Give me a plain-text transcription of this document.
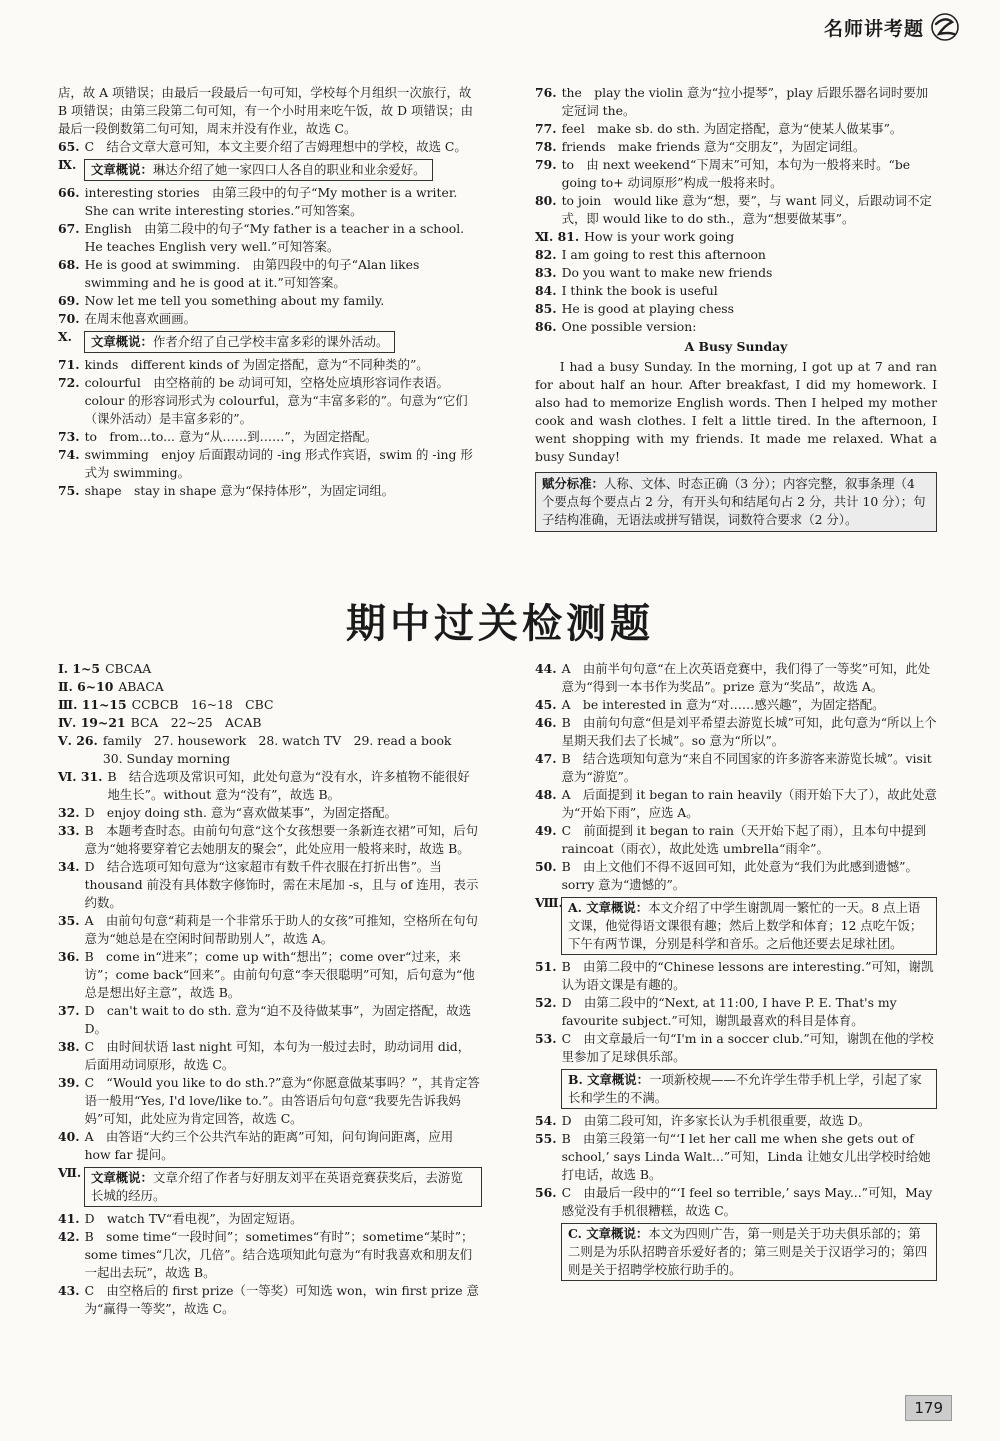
名师讲考题

店，故 A 项错误；由最后一段最后一句可知，学校每个月组织一次旅行，故 B 项错误；由第三段第二句可知，有一个小时用来吃午饭，故 D 项错误；由最后一段倒数第二句可知，周末并没有作业，故选 C。

65. C　结合文章大意可知，本文主要介绍了吉姆理想中的学校，故选 C。
Ⅸ.	文章概说：琳达介绍了她一家四口人各自的职业和业余爱好。
66. interesting stories　由第三段中的句子“My mother is a writer. She can write interesting stories.”可知答案。
67. English　由第二段中的句子“My father is a teacher in a school. He teaches English very well.”可知答案。
68. He is good at swimming.　由第四段中的句子“Alan likes swimming and he is good at it.”可知答案。
69. Now let me tell you something about my family.
70. 在周末他喜欢画画。
Ⅹ.	文章概说：作者介绍了自己学校丰富多彩的课外活动。
71. kinds　different kinds of 为固定搭配，意为“不同种类的”。
72. colourful　由空格前的 be 动词可知，空格处应填形容词作表语。colour 的形容词形式为 colourful，意为“丰富多彩的”。句意为“它们（课外活动）是丰富多彩的”。
73. to　from...to... 意为“从……到……”，为固定搭配。
74. swimming　enjoy 后面跟动词的 -ing 形式作宾语，swim 的 -ing 形式为 swimming。
75. shape　stay in shape 意为“保持体形”，为固定词组。
76. the　play the violin 意为“拉小提琴”，play 后跟乐器名词时要加定冠词 the。
77. feel　make sb. do sth. 为固定搭配，意为“使某人做某事”。
78. friends　make friends 意为“交朋友”，为固定词组。
79. to　由 next weekend“下周末”可知，本句为一般将来时。“be going to+ 动词原形”构成一般将来时。
80. to join　would like 意为“想，要”，与 want 同义，后跟动词不定式，即 would like to do sth.，意为“想要做某事”。
Ⅺ. 81. How is your work going
82. I am going to rest this afternoon
83. Do you want to make new friends
84. I think the book is useful
85. He is good at playing chess
86. One possible version:
A Busy Sunday

I had a busy Sunday. In the morning, I got up at 7 and ran for about half an hour. After breakfast, I did my homework. I also had to memorize English words. Then I helped my mother cook and wash clothes. I felt a little tired. In the afternoon, I went shopping with my friends. It made me relaxed. What a busy Sunday!

赋分标准：人称、文体、时态正确（3 分）；内容完整，叙事条理（4 个要点每个要点占 2 分，有开头句和结尾句占 2 分，共计 10 分）；句子结构准确，无语法或拼写错误，词数符合要求（2 分）。
期中过关检测题
Ⅰ. 1~5 CBCAA
Ⅱ. 6~10 ABACA
Ⅲ. 11~15 CCBCB　16~18　CBC
Ⅳ. 19~21 BCA　22~25　ACAB
Ⅴ. 26. family　27. housework　28. watch TV　29. read a book　30. Sunday morning
Ⅵ. 31. B　结合选项及常识可知，此处句意为“没有水，许多植物不能很好地生长”。without 意为“没有”，故选 B。
32. D　enjoy doing sth. 意为“喜欢做某事”，为固定搭配。
33. B　本题考查时态。由前句句意“这个女孩想要一条新连衣裙”可知，后句意为“她将要穿着它去她朋友的聚会”，此处应用一般将来时，故选 B。
34. D　结合选项可知句意为“这家超市有数千件衣服在打折出售”。当 thousand 前没有具体数字修饰时，需在末尾加 -s，且与 of 连用，表示约数。
35. A　由前句句意“莉莉是一个非常乐于助人的女孩”可推知，空格所在句句意为“她总是在空闲时间帮助别人”，故选 A。
36. B　come in“进来”；come up with“想出”；come over“过来，来访”；come back“回来”。由前句句意“李天很聪明”可知，后句意为“他总是想出好主意”，故选 B。
37. D　can't wait to do sth. 意为“迫不及待做某事”，为固定搭配，故选 D。
38. C　由时间状语 last night 可知，本句为一般过去时，助动词用 did，后面用动词原形，故选 C。
39. C　“Would you like to do sth.?”意为“你愿意做某事吗？”，其肯定答语一般用“Yes, I'd love/like to.”。由答语后句句意“我要先告诉我妈妈”可知，此处应为肯定回答，故选 C。
40. A　由答语“大约三个公共汽车站的距离”可知，问句询问距离，应用 how far 提问。
Ⅶ. 文章概说：文章介绍了作者与好朋友刘平在英语竞赛获奖后，去游览长城的经历。
41. D　watch TV“看电视”，为固定短语。
42. B　some time“一段时间”；sometimes“有时”；sometime“某时”；some times“几次，几倍”。结合选项知此句意为“有时我喜欢和朋友们一起出去玩”，故选 B。
43. C　由空格后的 first prize（一等奖）可知选 won，win first prize 意为“赢得一等奖”，故选 C。
44. A　由前半句句意“在上次英语竞赛中，我们得了一等奖”可知，此处意为“得到一本书作为奖品”。prize 意为“奖品”，故选 A。
45. A　be interested in 意为“对……感兴趣”，为固定搭配。
46. B　由前句句意“但是刘平希望去游览长城”可知，此句意为“所以上个星期天我们去了长城”。so 意为“所以”。
47. B　结合选项知句意为“来自不同国家的许多游客来游览长城”。visit 意为“游览”。
48. A　后面提到 it began to rain heavily（雨开始下大了），故此处意为“开始下雨”，应选 A。
49. C　前面提到 it began to rain（天开始下起了雨），且本句中提到 raincoat（雨衣），故此处选 umbrella“雨伞”。
50. B　由上文他们不得不返回可知，此处意为“我们为此感到遗憾”。sorry 意为“遗憾的”。
Ⅷ. A. 文章概说：本文介绍了中学生谢凯周一繁忙的一天。8 点上语文课，他觉得语文课很有趣；然后上数学和体育；12 点吃午饭；下午有两节课，分别是科学和音乐。之后他还要去足球社团。
51. B　由第二段中的“Chinese lessons are interesting.”可知，谢凯认为语文课是有趣的。
52. D　由第二段中的“Next, at 11:00, I have P. E. That's my favourite subject.”可知，谢凯最喜欢的科目是体育。
53. C　由文章最后一句“I'm in a soccer club.”可知，谢凯在他的学校里参加了足球俱乐部。
B. 文章概说：一项新校规——不允许学生带手机上学，引起了家长和学生的不满。
54. D　由第二段可知，许多家长认为手机很重要，故选 D。
55. B　由第三段第一句“‘I let her call me when she gets out of school,’ says Linda Walt...”可知，Linda 让她女儿出学校时给她打电话，故选 B。
56. C　由最后一段中的“‘I feel so terrible,’ says May...”可知，May 感觉没有手机很糟糕，故选 C。
C. 文章概说：本文为四则广告，第一则是关于功夫俱乐部的；第二则是为乐队招聘音乐爱好者的；第三则是关于汉语学习的；第四则是关于招聘学校旅行助手的。
179
